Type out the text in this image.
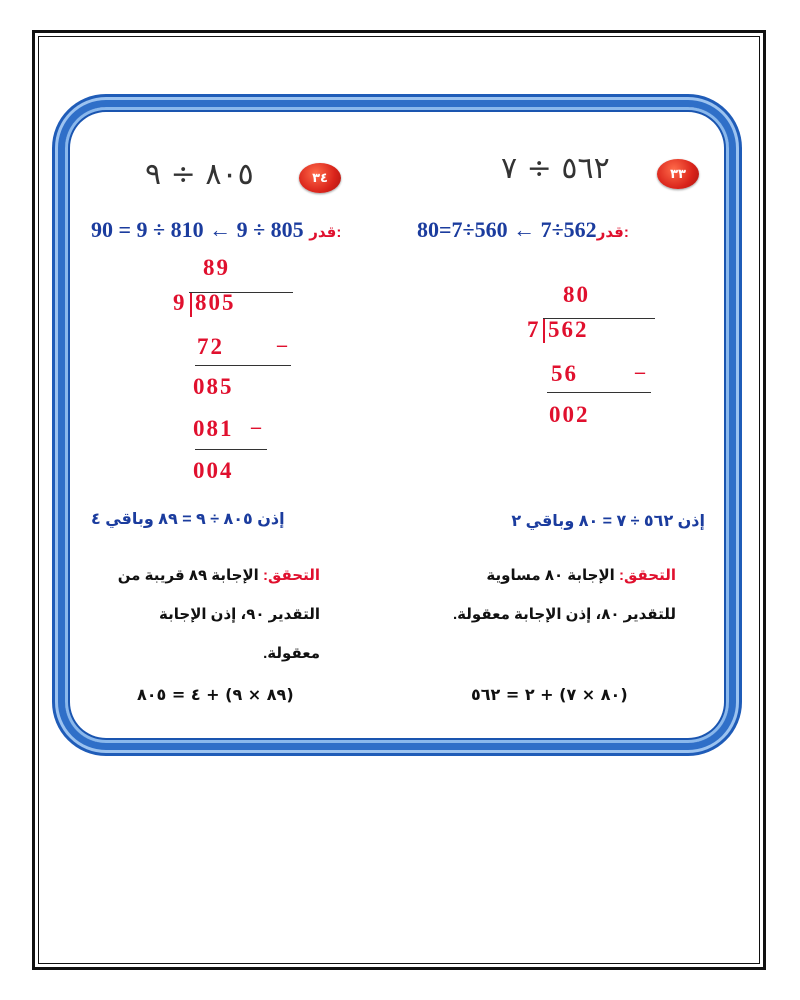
٣٤
٨٠٥ ÷ ٩
90 = 9 ÷ 810 ← 9 ÷ 805 قدر:
89
9 805
72	–
085
081 –
004
إذن ٨٠٥ ÷ ٩ = ٨٩ وباقي ٤
التحقق: الإجابة ٨٩ قريبة من التقدير ٩٠، إذن الإجابة معقولة.
(٨٩ × ٩) + ٤ = ٨٠٥
٣٣
٥٦٢ ÷ ٧
80=7÷560 ← 7÷562قدر:
80
7 562
56	–
002
إذن ٥٦٢ ÷ ٧ = ٨٠ وباقي ٢
التحقق: الإجابة ٨٠ مساوية للتقدير ٨٠، إذن الإجابة معقولة.
(٨٠ × ٧) + ٢ = ٥٦٢
